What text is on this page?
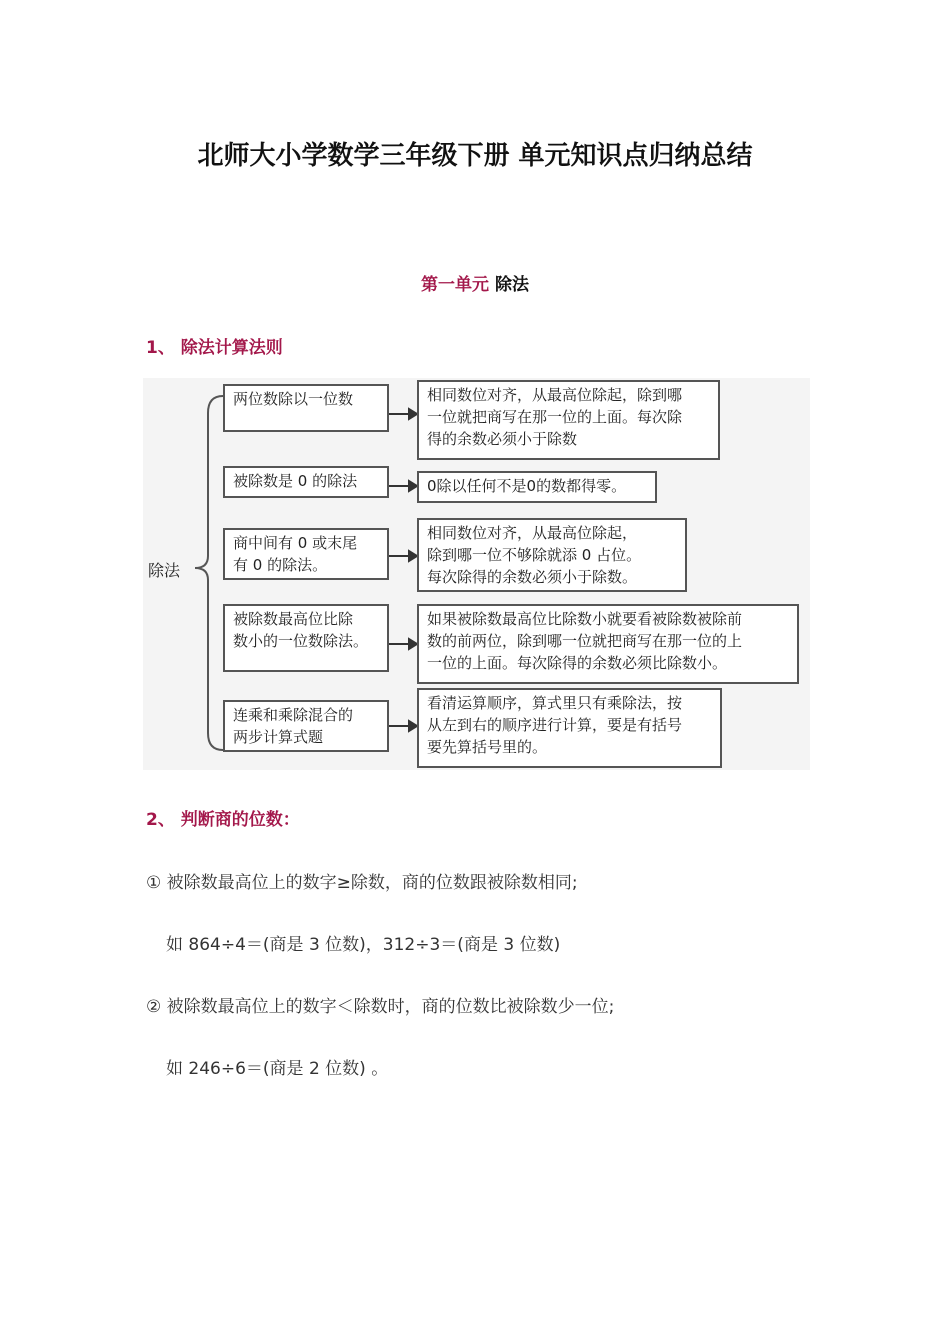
北师大小学数学三年级下册 单元知识点归纳总结
第一单元 除法
1、 除法计算法则
除法
两位数除以一位数	相同数位对齐，从最高位除起，除到哪
一位就把商写在那一位的上面。每次除
得的余数必须小于除数
被除数是 0 的除法	0除以任何不是0的数都得零。
商中间有 0 或末尾
有 0 的除法。
相同数位对齐，从最高位除起，
除到哪一位不够除就添 0 占位。
每次除得的余数必须小于除数。
被除数最高位比除
数小的一位数除法。
如果被除数最高位比除数小就要看被除数被除前
数的前两位，除到哪一位就把商写在那一位的上
一位的上面。每次除得的余数必须比除数小。
连乘和乘除混合的
两步计算式题
看清运算顺序，算式里只有乘除法，按
从左到右的顺序进行计算，要是有括号
要先算括号里的。
2、 判断商的位数：
① 被除数最高位上的数字≥除数，商的位数跟被除数相同;
如 864÷4＝(商是 3 位数)，312÷3＝(商是 3 位数)
② 被除数最高位上的数字＜除数时，商的位数比被除数少一位;
如 246÷6＝(商是 2 位数) 。
